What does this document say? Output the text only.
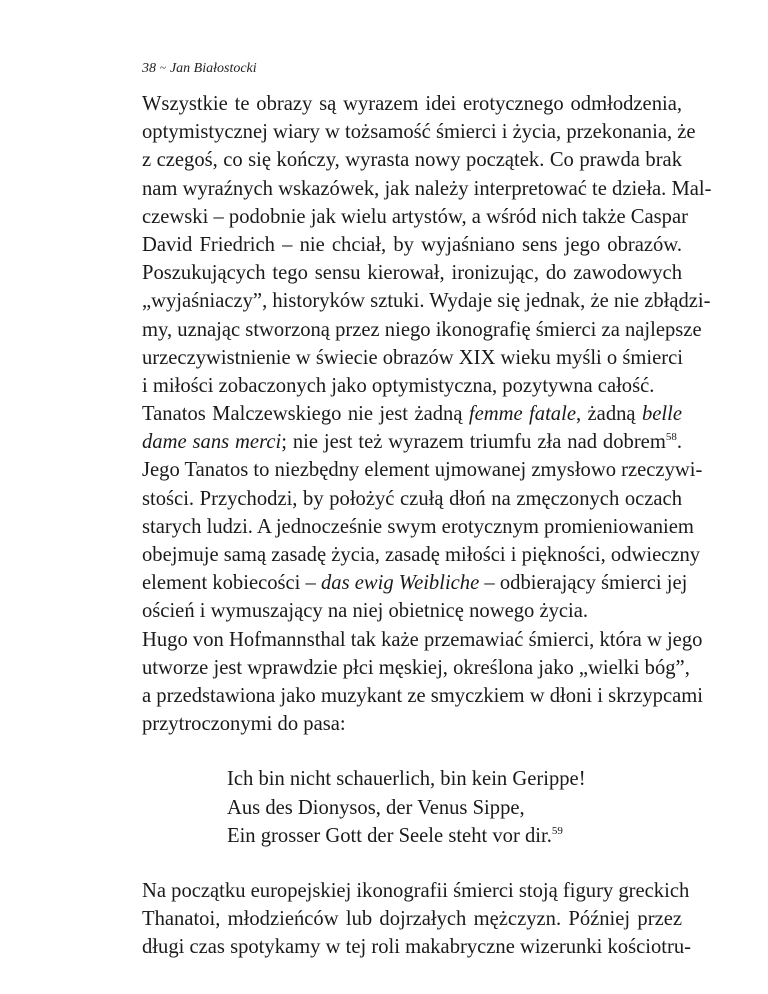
38 ~ Jan Białostocki
Wszystkie te obrazy są wyrazem idei erotycznego odmłodzenia,
optymistycznej wiary w tożsamość śmierci i życia, przekonania, że
z czegoś, co się kończy, wyrasta nowy początek. Co prawda brak
nam wyraźnych wskazówek, jak należy interpretować te dzieła. Mal-
czewski – podobnie jak wielu artystów, a wśród nich także Caspar
David Friedrich – nie chciał, by wyjaśniano sens jego obrazów.
Poszukujących tego sensu kierował, ironizując, do zawodowych
„wyjaśniaczy”, historyków sztuki. Wydaje się jednak, że nie zbłądzi-
my, uznając stworzoną przez niego ikonografię śmierci za najlepsze
urzeczywistnienie w świecie obrazów XIX wieku myśli o śmierci
i miłości zobaczonych jako optymistyczna, pozytywna całość.
Tanatos Malczewskiego nie jest żadną femme fatale, żadną belle
dame sans merci; nie jest też wyrazem triumfu zła nad dobrem$^{58}$.
Jego Tanatos to niezbędny element ujmowanej zmysłowo rzeczywi-
stości. Przychodzi, by położyć czułą dłoń na zmęczonych oczach
starych ludzi. A jednocześnie swym erotycznym promieniowaniem
obejmuje samą zasadę życia, zasadę miłości i piękności, odwieczny
element kobiecości – das ewig Weibliche – odbierający śmierci jej
oścień i wymuszający na niej obietnicę nowego życia.
Hugo von Hofmannsthal tak każe przemawiać śmierci, która w jego
utworze jest wprawdzie płci męskiej, określona jako „wielki bóg”,
a przedstawiona jako muzykant ze smyczkiem w dłoni i skrzypcami
przytroczonymi do pasa:
Ich bin nicht schauerlich, bin kein Gerippe!
Aus des Dionysos, der Venus Sippe,
Ein grosser Gott der Seele steht vor dir.$^{59}$
Na początku europejskiej ikonografii śmierci stoją figury greckich
Thanatoi, młodzieńców lub dojrzałych mężczyzn. Później przez
długi czas spotykamy w tej roli makabryczne wizerunki kościotru-
